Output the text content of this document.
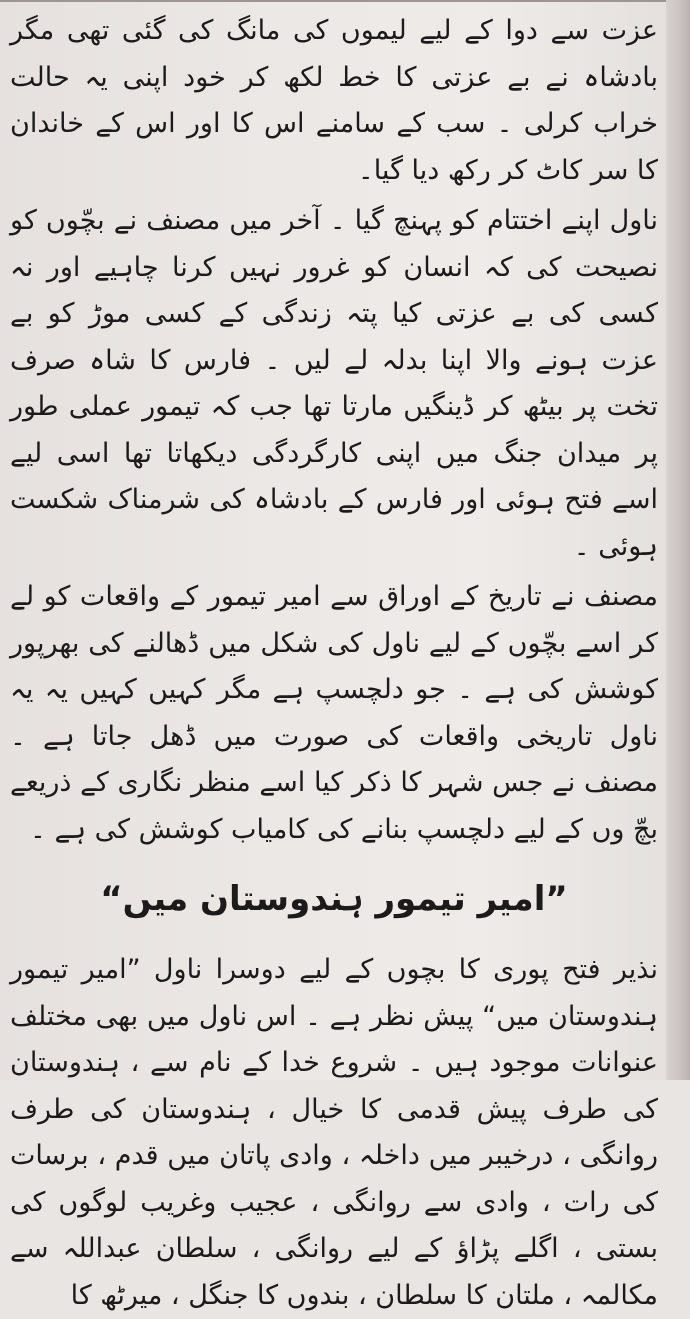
عزت سے دوا کے لیے لیموں کی مانگ کی گئی تھی مگر بادشاہ نے بے عزتی کا خط لکھ کر خود اپنی یہ حالت خراب کرلی ۔ سب کے سامنے اس کا اور اس کے خاندان کا سر کاٹ کر رکھ دیا گیا۔

ناول اپنے اختتام کو پہنچ گیا ۔ آخر میں مصنف نے بچّوں کو نصیحت کی کہ انسان کو غرور نہیں کرنا چاہیے اور نہ کسی کی بے عزتی کیا پتہ زندگی کے کسی موڑ کو بے عزت ہونے والا اپنا بدلہ لے لیں ۔ فارس کا شاہ صرف تخت پر بیٹھ کر ڈینگیں مارتا تھا جب کہ تیمور عملی طور پر میدان جنگ میں اپنی کارگردگی دیکھاتا تھا اسی لیے اسے فتح ہوئی اور فارس کے بادشاہ کی شرمناک شکست ہوئی ۔

مصنف نے تاریخ کے اوراق سے امیر تیمور کے واقعات کو لے کر اسے بچّوں کے لیے ناول کی شکل میں ڈھالنے کی بھرپور کوشش کی ہے ۔ جو دلچسپ ہے مگر کہیں کہیں یہ یہ ناول تاریخی واقعات کی صورت میں ڈھل جاتا ہے ۔ مصنف نے جس شہر کا ذکر کیا اسے منظر نگاری کے ذریعے بچّ وں کے لیے دلچسپ بنانے کی کامیاب کوشش کی ہے ۔

”امیر تیمور ہندوستان میں“

نذیر فتح پوری کا بچوں کے لیے دوسرا ناول ”امیر تیمور ہندوستان میں“ پیش نظر ہے ۔ اس ناول میں بھی مختلف عنوانات موجود ہیں ۔ شروع خدا کے نام سے ، ہندوستان کی طرف پیش قدمی کا خیال ، ہندوستان کی طرف روانگی ، درخیبر میں داخلہ ، وادی پاتان میں قدم ، برسات کی رات ، وادی سے روانگی ، عجیب وغریب لوگوں کی بستی ، اگلے پڑاؤ کے لیے روانگی ، سلطان عبداللہ سے مکالمہ ، ملتان کا سلطان ، بندوں کا جنگل ، میرٹھ کا
